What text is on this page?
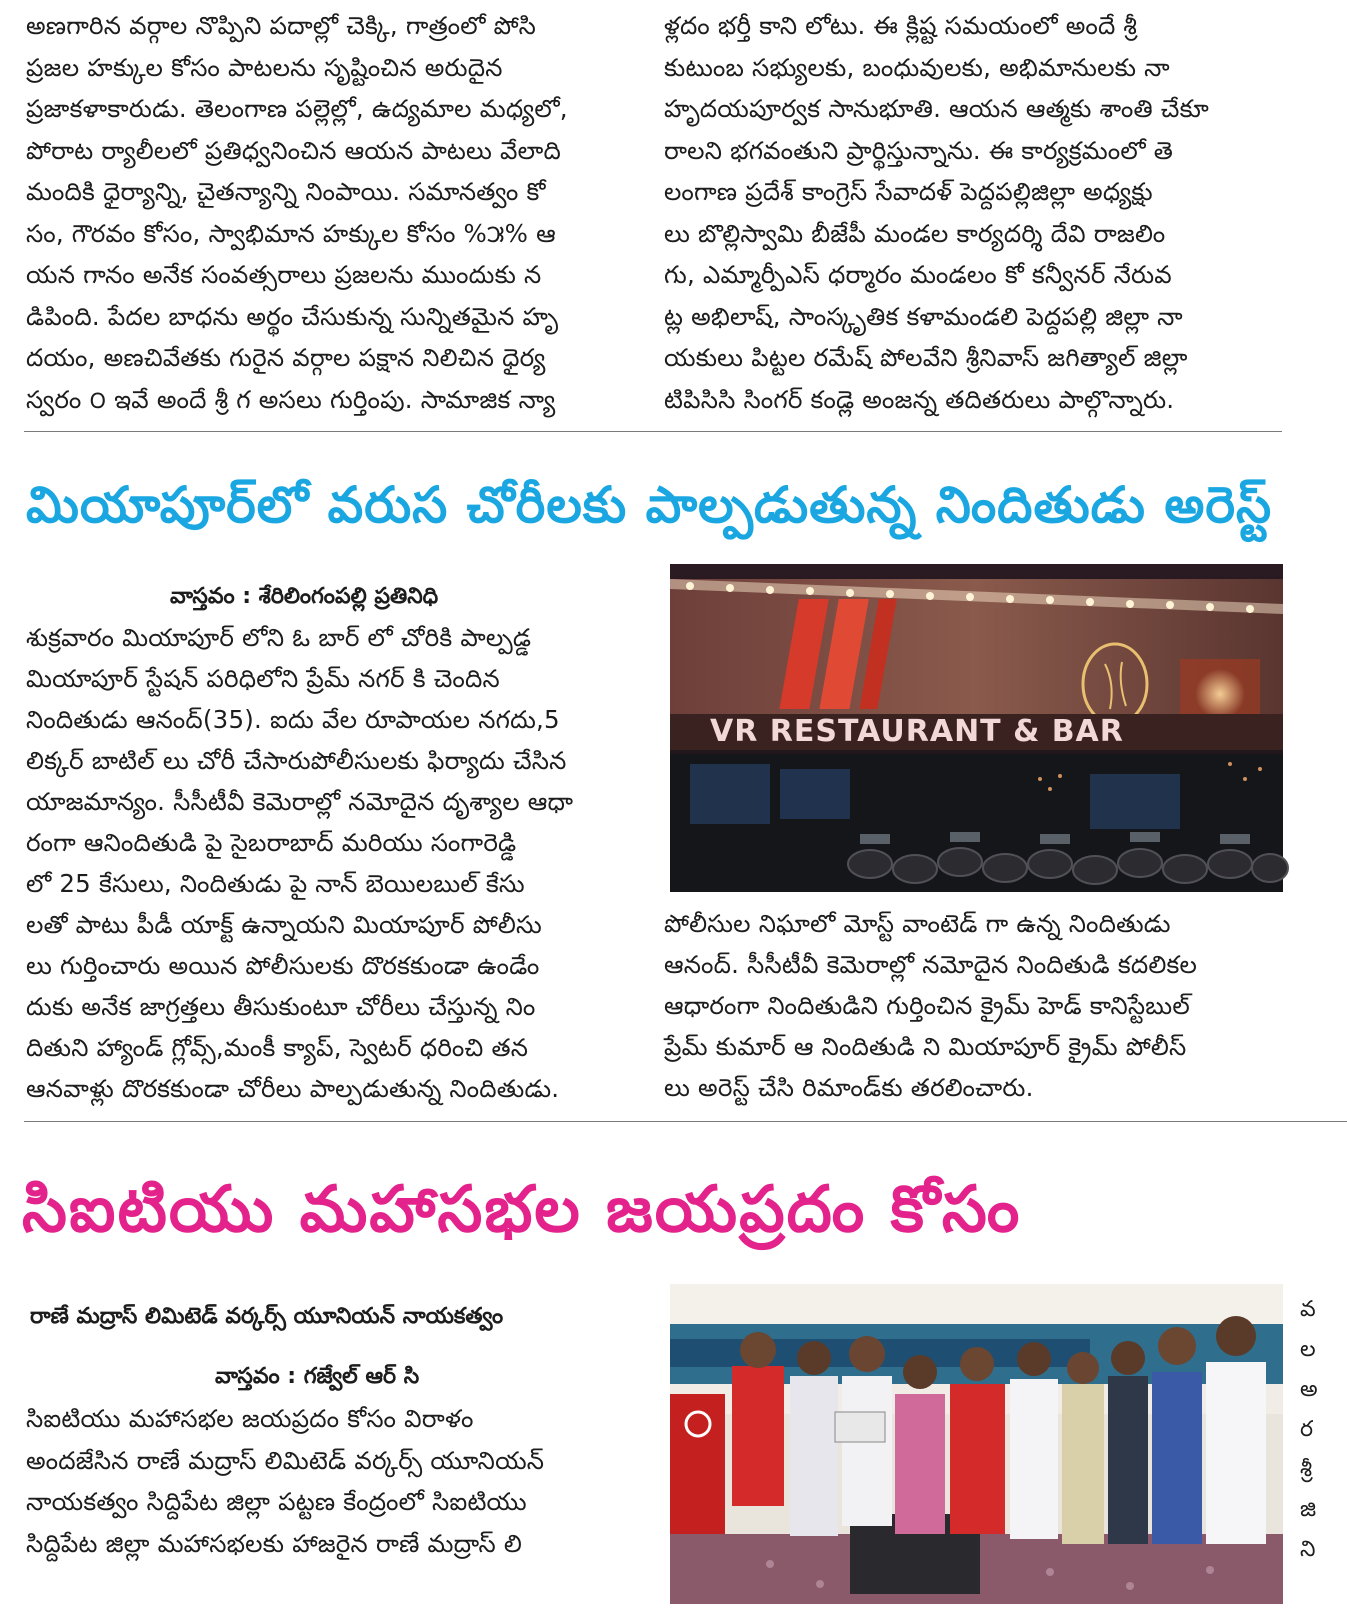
అణగారిన వర్గాల నొప్పిని పదాల్లో చెక్కి, గాత్రంలో పోసి
ప్రజల హక్కుల కోసం పాటలను సృష్టించిన అరుదైన
ప్రజాకళాకారుడు. తెలంగాణ పల్లెల్లో, ఉద్యమాల మధ్యలో,
పోరాట ర్యాలీలలో ప్రతిధ్వనించిన ఆయన పాటలు వేలాది
మందికి ధైర్యాన్ని, చైతన్యాన్ని నింపాయి. సమానత్వం కో
సం, గౌరవం కోసం, స్వాభిమాన హక్కుల కోసం %౫% ఆ
యన గానం అనేక సంవత్సరాలు ప్రజలను ముందుకు న
డిపింది. పేదల బాధను అర్థం చేసుకున్న సున్నితమైన హృ
దయం, అణచివేతకు గురైన వర్గాల పక్షాన నిలిచిన ధైర్య
స్వరం ౦ ఇవే అందే శ్రీ గ అసలు గుర్తింపు. సామాజిక న్యా
ళ్లదం భర్తీ కాని లోటు. ఈ క్లిష్ట సమయంలో అందే శ్రీ
కుటుంబ సభ్యులకు, బంధువులకు, అభిమానులకు నా
హృదయపూర్వక సానుభూతి. ఆయన ఆత్మకు శాంతి చేకూ
రాలని భగవంతుని ప్రార్థిస్తున్నాను. ఈ కార్యక్రమంలో తె
లంగాణ ప్రదేశ్ కాంగ్రెస్ సేవాదళ్ పెద్దపల్లిజిల్లా అధ్యక్షు
లు బొల్లిస్వామి బీజేపీ మండల కార్యదర్శి దేవి రాజలిం
గు, ఎమ్మార్పీఎస్ ధర్మారం మండలం కో కన్వీనర్ నేరువ
ట్ల అభిలాష్, సాంస్కృతిక కళామండలి పెద్దపల్లి జిల్లా నా
యకులు పిట్టల రమేష్ పోలవేని శ్రీనివాస్ జగిత్యాల్ జిల్లా
టిపిసిసి సింగర్ కండ్లె అంజన్న తదితరులు పాల్గొన్నారు.
మియాపూర్‌లో వరుస చోరీలకు పాల్పడుతున్న నిందితుడు అరెస్ట్
వాస్తవం : శేరిలింగంపల్లి ప్రతినిధి
శుక్రవారం మియాపూర్ లోని ఓ బార్ లో చోరికి పాల్పడ్డ
మియాపూర్ స్టేషన్ పరిధిలోని ప్రేమ్ నగర్ కి చెందిన
నిందితుడు ఆనంద్(35). ఐదు వేల రూపాయల నగదు,5
లిక్కర్ బాటిల్ లు చోరీ చేసారుపోలీసులకు ఫిర్యాదు చేసిన
యాజమాన్యం. సీసీటీవీ కెమెరాల్లో నమోదైన దృశ్యాల ఆధా
రంగా ఆనిందితుడి పై సైబరాబాద్ మరియు సంగారెడ్డి
లో 25 కేసులు, నిందితుడు పై నాన్ బెయిలబుల్ కేసు
లతో పాటు పీడీ యాక్ట్ ఉన్నాయని మియాపూర్ పోలీసు
లు గుర్తించారు అయిన పోలీసులకు దొరకకుండా ఉండేం
దుకు అనేక జాగ్రత్తలు తీసుకుంటూ చోరీలు చేస్తున్న నిం
దితుని హ్యాండ్ గ్లోవ్స్,మంకీ క్యాప్, స్వెటర్ ధరించి తన
ఆనవాళ్లు దొరకకుండా చోరీలు పాల్పడుతున్న నిందితుడు.
VR RESTAURANT & BAR
పోలీసుల నిఘాలో మోస్ట్ వాంటెడ్ గా ఉన్న నిందితుడు
ఆనంద్. సీసీటీవీ కెమెరాల్లో నమోదైన నిందితుడి కదలికల
ఆధారంగా నిందితుడిని గుర్తించిన క్రైమ్ హెడ్ కానిస్టేబుల్
ప్రేమ్ కుమార్ ఆ నిందితుడి ని మియాపూర్ క్రైమ్ పోలీస్
లు అరెస్ట్ చేసి రిమాండ్‌కు తరలించారు.
సిఐటియు మహాసభల జయప్రదం కోసం
రాణే మద్రాస్ లిమిటెడ్ వర్కర్స్ యూనియన్ నాయకత్వం
వాస్తవం : గజ్వేల్ ఆర్ సి
సిఐటియు మహాసభల జయప్రదం కోసం విరాళం
అందజేసిన రాణే మద్రాస్ లిమిటెడ్ వర్కర్స్ యూనియన్
నాయకత్వం సిద్దిపేట జిల్లా పట్టణ కేంద్రంలో సిఐటియు
సిద్దిపేట జిల్లా మహాసభలకు హాజరైన రాణే మద్రాస్ లి
CITU
వ
ల
అ
ర
శ్రీ
జి
ని
